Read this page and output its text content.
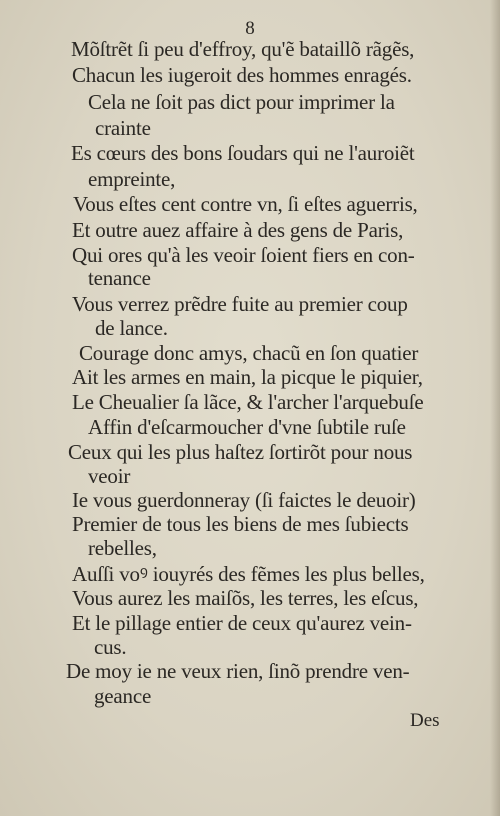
8
Mõſtrẽt ſi peu d'effroy, qu'ẽ bataillõ rãgẽs,
Chacun les iugeroit des hommes enragés.
Cela ne ſoit pas dict pour imprimer la
crainte
Es cœurs des bons ſoudars qui ne l'auroiẽt
empreinte,
Vous eſtes cent contre vn, ſi eſtes aguerris,
Et outre auez affaire à des gens de Paris,
Qui ores qu'à les veoir ſoient fiers en con-
tenance
Vous verrez prẽdre fuite au premier coup
de lance.
Courage donc amys, chacũ en ſon quatier
Ait les armes en main, la picque le piquier,
Le Cheualier ſa lãce, & l'archer l'arquebuſe
Affin d'eſcarmoucher d'vne ſubtile ruſe
Ceux qui les plus haſtez ſortirõt pour nous
veoir
Ie vous guerdonneray (ſi faictes le deuoir)
Premier de tous les biens de mes ſubiects
rebelles,
Auſſi voꝰ iouyrés des fẽmes les plus belles,
Vous aurez les maiſõs, les terres, les eſcus,
Et le pillage entier de ceux qu'aurez vein-
cus.
De moy ie ne veux rien, ſinõ prendre ven-
geance
Des
